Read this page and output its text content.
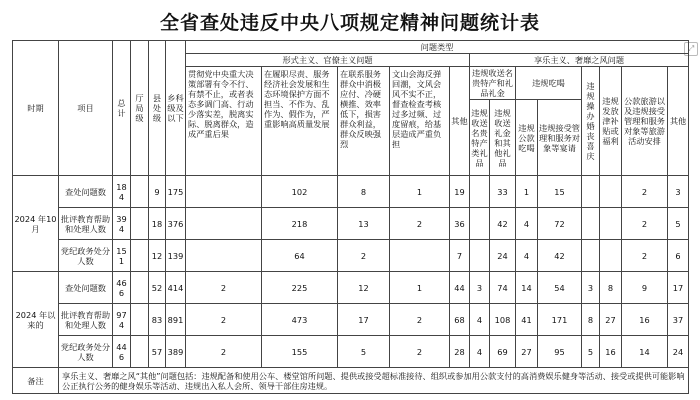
全省查处违反中央八项规定精神问题统计表
⤢
时期	项目	总计	厅局级	县处级	乡科级及以下	问题类型												
						形式主义、官僚主义问题					享乐主义、奢靡之风问题							
						贯彻党中央重大决策部署有令不行、有禁不止，或者表态多调门高、行动少落实差，脱离实际、脱离群众，造成严重后果	在履职尽责、服务经济社会发展和生态环境保护方面不担当、不作为、乱作为、假作为，严重影响高质量发展	在联系服务群众中消极应付、冷硬横推、效率低下，损害群众利益，群众反映强烈	文山会海反弹回潮，文风会风不实不正，督查检查考核过多过频、过度留痕，给基层造成严重负担	其他	违规收送名贵特产和礼品礼金		违规吃喝		违规操办婚丧喜庆	违规发放津补贴或福利	公款旅游以及违规接受管理和服务对象等旅游活动安排	其他
											违规收送名贵特产类礼品	违规收送礼金和其他礼品	违规公款吃喝	违规接受管理和服务对象等宴请				
2024 年10月	查处问题数	184		9	175		102	8	1	19		33	1	15			2	3
	批评教育帮助和处理人数	394		18	376		218	13	2	36		42	4	72			2	5
	党纪政务处分人数	151		12	139		64	2		7		24	4	42			2	6
2024 年以来的	查处问题数	466		52	414	2	225	12	1	44	3	74	14	54	3	8	9	17
	批评教育帮助和处理人数	974		83	891	2	473	17	2	68	4	108	41	171	8	27	16	37
	党纪政务处分人数	446		57	389	2	155	5	2	28	4	69	27	95	5	16	14	24
备注	享乐主义、奢靡之风“其他”问题包括：违规配备和使用公车、楼堂馆所问题、提供或接受超标准接待、组织或参加用公款支付的高消费娱乐健身等活动、接受或提供可能影响公正执行公务的健身娱乐等活动、违规出入私人会所、领导干部住房违规。																	
